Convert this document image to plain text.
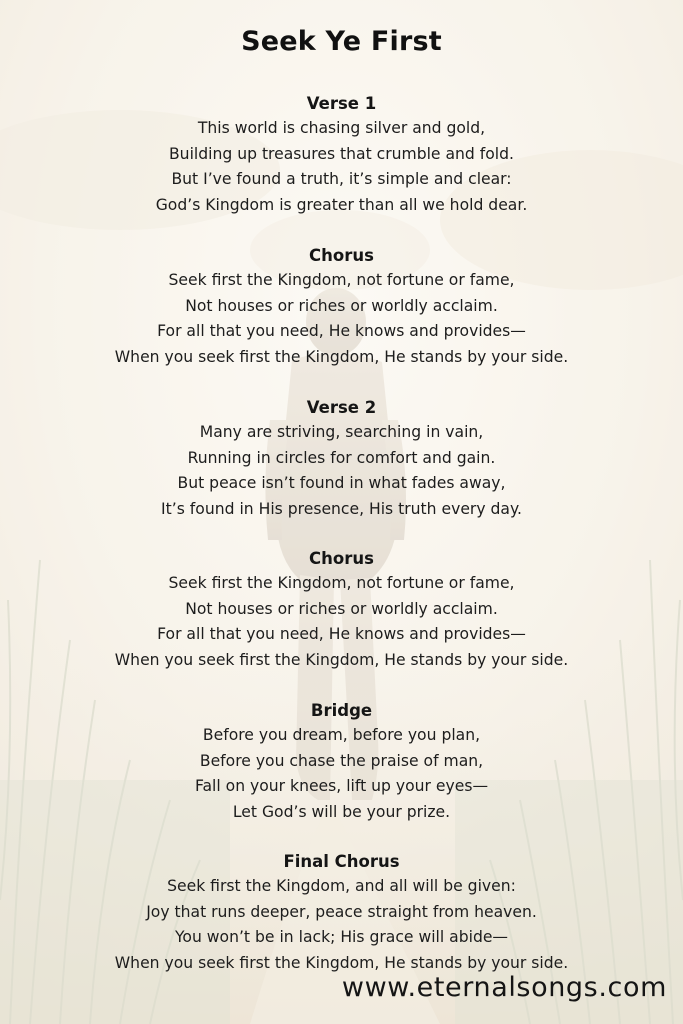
Seek Ye First
Verse 1
This world is chasing silver and gold,
Building up treasures that crumble and fold.
But I’ve found a truth, it’s simple and clear:
God’s Kingdom is greater than all we hold dear.
Chorus
Seek first the Kingdom, not fortune or fame,
Not houses or riches or worldly acclaim.
For all that you need, He knows and provides—
When you seek first the Kingdom, He stands by your side.
Verse 2
Many are striving, searching in vain,
Running in circles for comfort and gain.
But peace isn’t found in what fades away,
It’s found in His presence, His truth every day.
Chorus
Seek first the Kingdom, not fortune or fame,
Not houses or riches or worldly acclaim.
For all that you need, He knows and provides—
When you seek first the Kingdom, He stands by your side.
Bridge
Before you dream, before you plan,
Before you chase the praise of man,
Fall on your knees, lift up your eyes—
Let God’s will be your prize.
Final Chorus
Seek first the Kingdom, and all will be given:
Joy that runs deeper, peace straight from heaven.
You won’t be in lack; His grace will abide—
When you seek first the Kingdom, He stands by your side.
www.eternalsongs.com
